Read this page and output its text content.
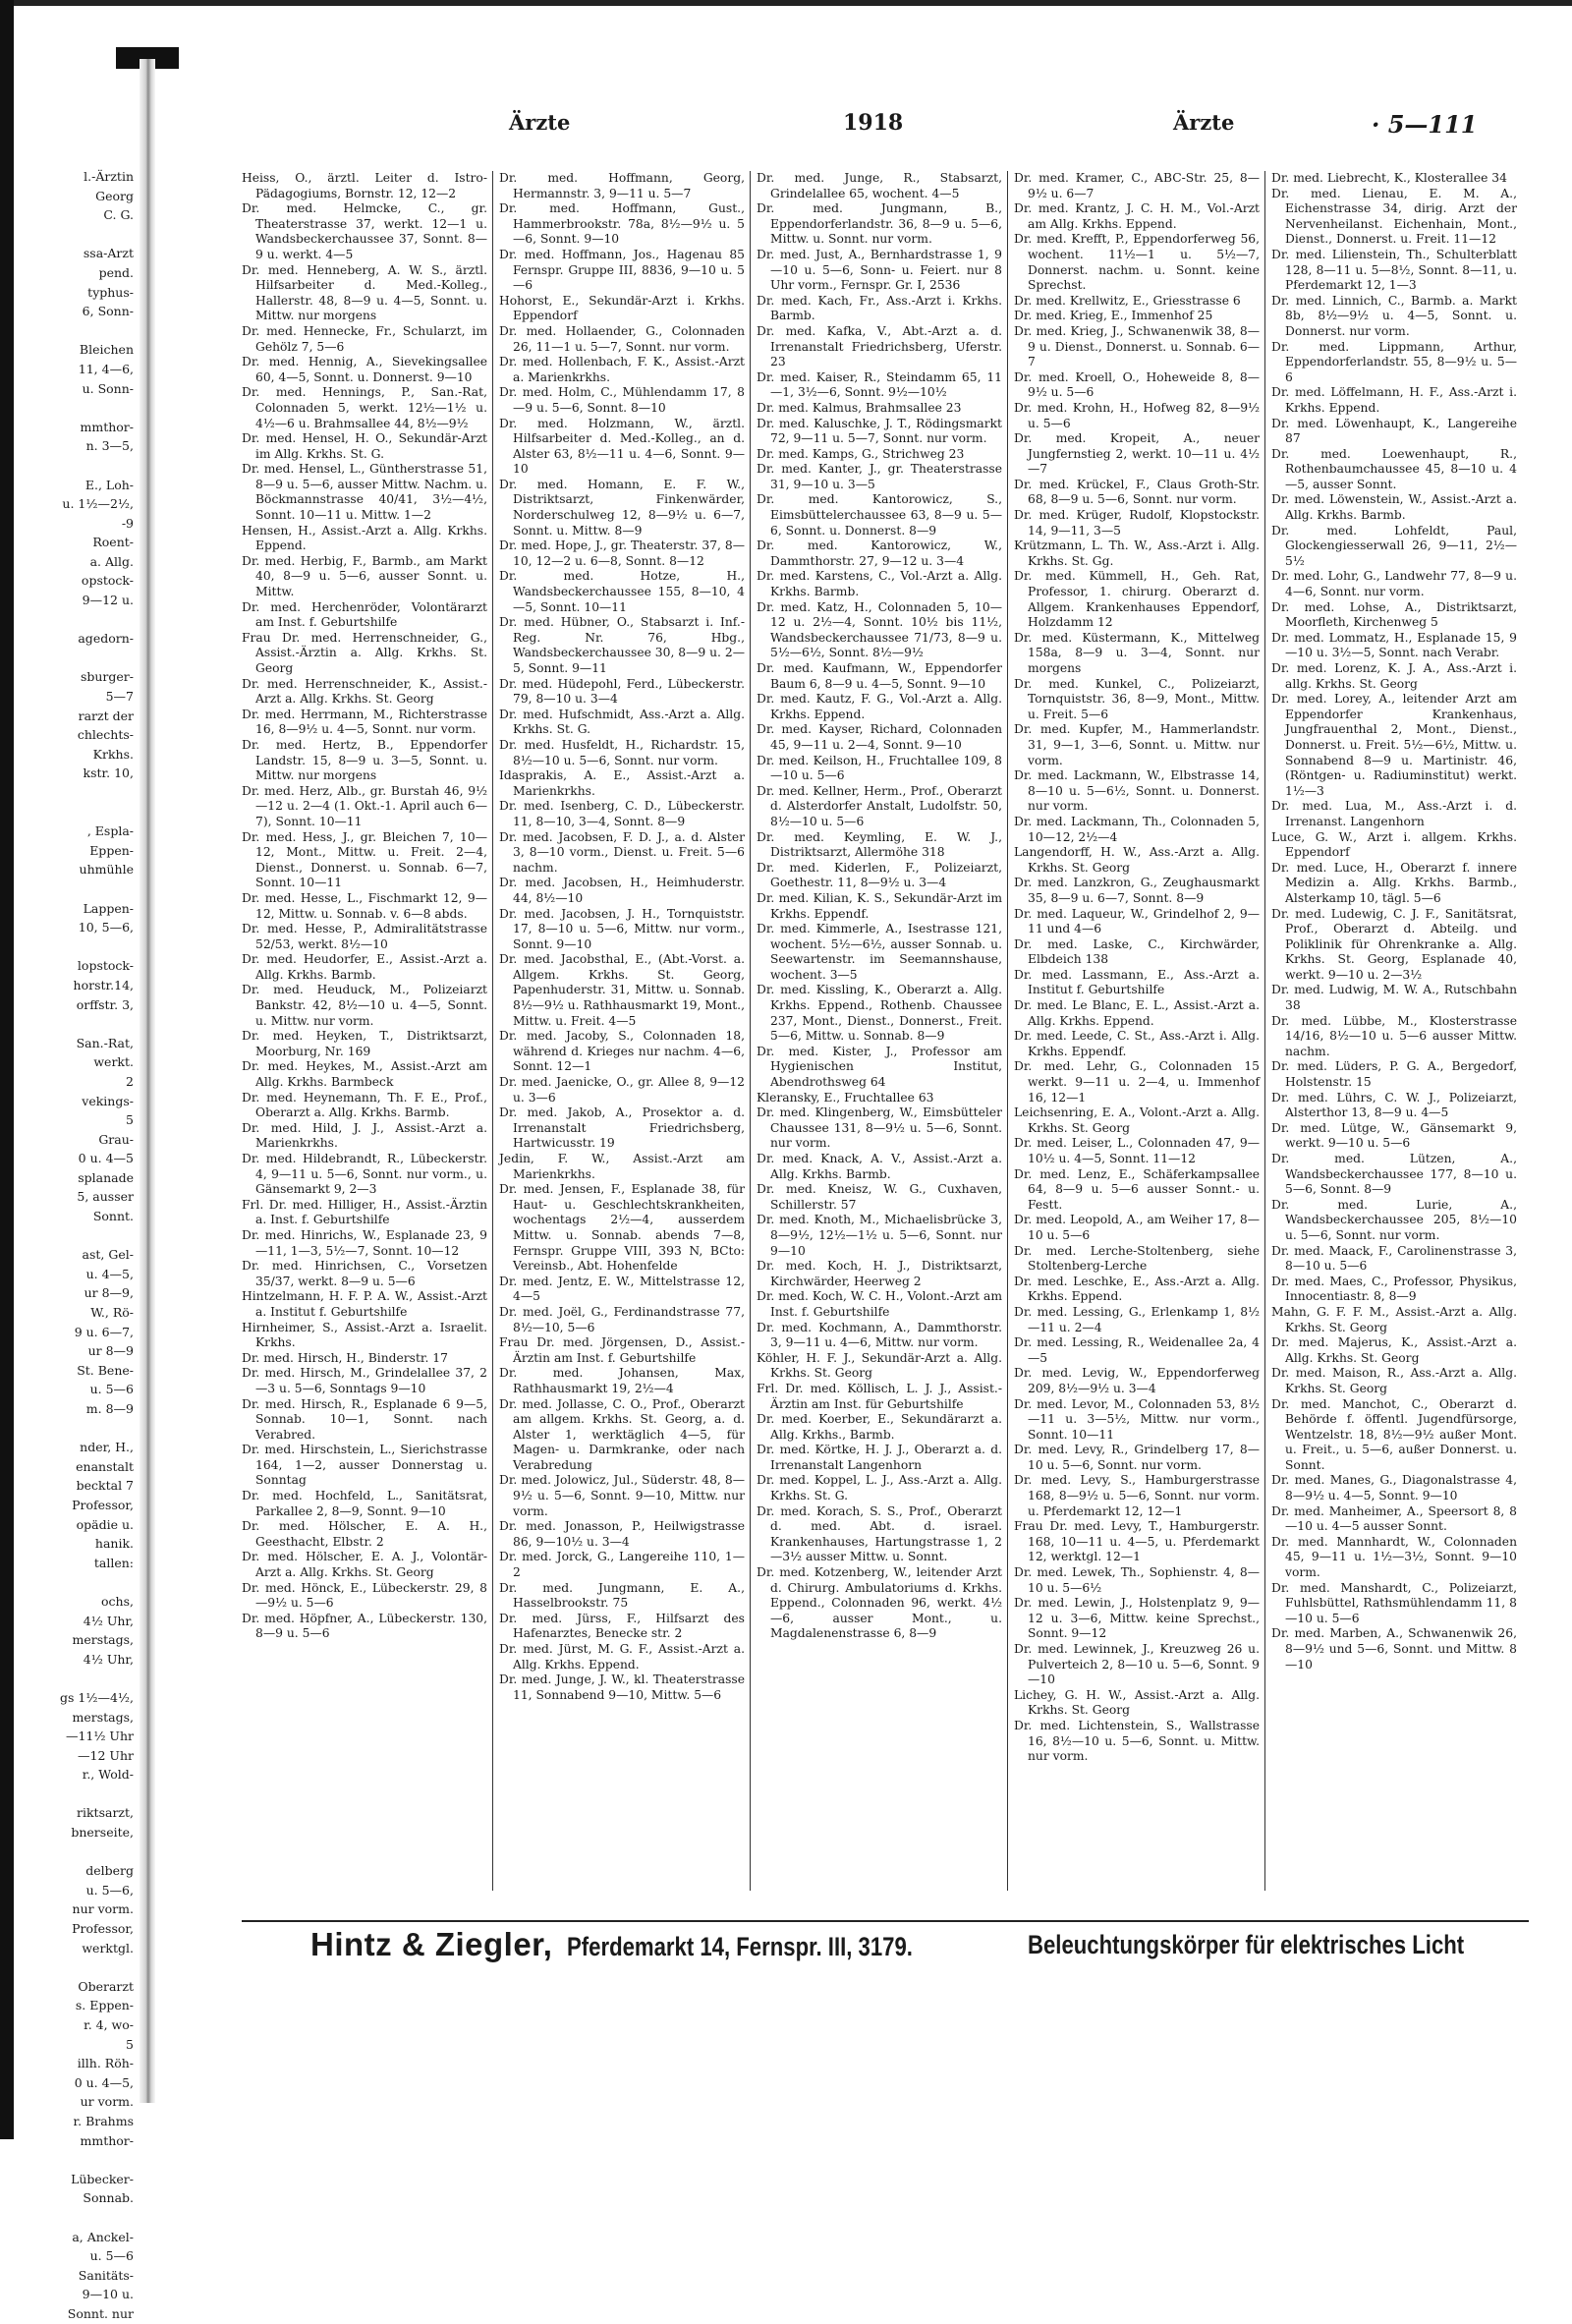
l.-Ärztin
Georg
C. G.

ssa-Arzt
pend.
typhus-
6, Sonn-

Bleichen
11, 4—6,
u. Sonn-

mmthor-
n. 3—5,

E., Loh-
u. 1½—2½,
-9
Roent-
a. Allg.
opstock-
9—12 u.

agedorn-

sburger-
5—7
rarzt der
chlechts-
Krkhs.
kstr. 10,

, Espla-
Eppen-
uhmühle

Lappen-
10, 5—6,

lopstock-
horstr.14,
orffstr. 3,

San.-Rat,
werkt.
2
vekings-
5
Grau-
0 u. 4—5
splanade
5, ausser
Sonnt.

ast, Gel-
u. 4—5,
ur 8—9,
W., Rö-
9 u. 6—7,
ur 8—9
St. Bene-
u. 5—6
m. 8—9

nder, H.,
enanstalt
becktal 7
Professor,
opädie u.
hanik.
tallen:

ochs,
4½ Uhr,
merstags,
4½ Uhr,

gs 1½—4½,
merstags,
—11½ Uhr
—12 Uhr
r., Wold-

riktsarzt,
bnerseite,

delberg
u. 5—6,
nur vorm.
Professor,
werktgl.

Oberarzt
s. Eppen-
r. 4, wo-
5
illh. Röh-
0 u. 4—5,
ur vorm.
r. Brahms
mmthor-

Lübecker-
Sonnab.

a, Anckel-
u. 5—6
Sanitäts-
9—10 u.
Sonnt. nur
Ärzte	1918	Ärzte	· 5—111
Heiss, O., ärztl. Leiter d. Istro-Pädagogiums, Bornstr. 12, 12—2
Dr. med. Helmcke, C., gr. Theaterstrasse 37, werkt. 12—1 u. Wandsbeckerchaussee 37, Sonnt. 8—9 u. werkt. 4—5
Dr. med. Henneberg, A. W. S., ärztl. Hilfsarbeiter d. Med.-Kolleg., Hallerstr. 48, 8—9 u. 4—5, Sonnt. u. Mittw. nur morgens
Dr. med. Hennecke, Fr., Schularzt, im Gehölz 7, 5—6
Dr. med. Hennig, A., Sievekingsallee 60, 4—5, Sonnt. u. Donnerst. 9—10
Dr. med. Hennings, P., San.-Rat, Colonnaden 5, werkt. 12½—1½ u. 4½—6 u. Brahmsallee 44, 8½—9½
Dr. med. Hensel, H. O., Sekundär-Arzt im Allg. Krkhs. St. G.
Dr. med. Hensel, L., Güntherstrasse 51, 8—9 u. 5—6, ausser Mittw. Nachm. u. Böckmannstrasse 40/41, 3½—4½, Sonnt. 10—11 u. Mittw. 1—2
Hensen, H., Assist.-Arzt a. Allg. Krkhs. Eppend.
Dr. med. Herbig, F., Barmb., am Markt 40, 8—9 u. 5—6, ausser Sonnt. u. Mittw.
Dr. med. Herchenröder, Volontärarzt am Inst. f. Geburtshilfe
Frau Dr. med. Herrenschneider, G., Assist.-Ärztin a. Allg. Krkhs. St. Georg
Dr. med. Herrenschneider, K., Assist.-Arzt a. Allg. Krkhs. St. Georg
Dr. med. Herrmann, M., Richterstrasse 16, 8—9½ u. 4—5, Sonnt. nur vorm.
Dr. med. Hertz, B., Eppendorfer Landstr. 15, 8—9 u. 3—5, Sonnt. u. Mittw. nur morgens
Dr. med. Herz, Alb., gr. Burstah 46, 9½—12 u. 2—4 (1. Okt.-1. April auch 6—7), Sonnt. 10—11
Dr. med. Hess, J., gr. Bleichen 7, 10—12, Mont., Mittw. u. Freit. 2—4, Dienst., Donnerst. u. Sonnab. 6—7, Sonnt. 10—11
Dr. med. Hesse, L., Fischmarkt 12, 9—12, Mittw. u. Sonnab. v. 6—8 abds.
Dr. med. Hesse, P., Admiralitätstrasse 52/53, werkt. 8½—10
Dr. med. Heudorfer, E., Assist.-Arzt a. Allg. Krkhs. Barmb.
Dr. med. Heuduck, M., Polizeiarzt Bankstr. 42, 8½—10 u. 4—5, Sonnt. u. Mittw. nur vorm.
Dr. med. Heyken, T., Distriktsarzt, Moorburg, Nr. 169
Dr. med. Heykes, M., Assist.-Arzt am Allg. Krkhs. Barmbeck
Dr. med. Heynemann, Th. F. E., Prof., Oberarzt a. Allg. Krkhs. Barmb.
Dr. med. Hild, J. J., Assist.-Arzt a. Marienkrkhs.
Dr. med. Hildebrandt, R., Lübeckerstr. 4, 9—11 u. 5—6, Sonnt. nur vorm., u. Gänsemarkt 9, 2—3
Frl. Dr. med. Hilliger, H., Assist.-Ärztin a. Inst. f. Geburtshilfe
Dr. med. Hinrichs, W., Esplanade 23, 9—11, 1—3, 5½—7, Sonnt. 10—12
Dr. med. Hinrichsen, C., Vorsetzen 35/37, werkt. 8—9 u. 5—6
Hintzelmann, H. F. P. A. W., Assist.-Arzt a. Institut f. Geburtshilfe
Hirnheimer, S., Assist.-Arzt a. Israelit. Krkhs.
Dr. med. Hirsch, H., Binderstr. 17
Dr. med. Hirsch, M., Grindelallee 37, 2—3 u. 5—6, Sonntags 9—10
Dr. med. Hirsch, R., Esplanade 6 9—5, Sonnab. 10—1, Sonnt. nach Verabred.
Dr. med. Hirschstein, L., Sierichstrasse 164, 1—2, ausser Donnerstag u. Sonntag
Dr. med. Hochfeld, L., Sanitätsrat, Parkallee 2, 8—9, Sonnt. 9—10
Dr. med. Hölscher, E. A. H., Geesthacht, Elbstr. 2
Dr. med. Hölscher, E. A. J., Volontär-Arzt a. Allg. Krkhs. St. Georg
Dr. med. Hönck, E., Lübeckerstr. 29, 8—9½ u. 5—6
Dr. med. Höpfner, A., Lübeckerstr. 130, 8—9 u. 5—6
Dr. med. Hoffmann, Georg, Hermannstr. 3, 9—11 u. 5—7
Dr. med. Hoffmann, Gust., Hammerbrookstr. 78a, 8½—9½ u. 5—6, Sonnt. 9—10
Dr. med. Hoffmann, Jos., Hagenau 85 Fernspr. Gruppe III, 8836, 9—10 u. 5—6
Hohorst, E., Sekundär-Arzt i. Krkhs. Eppendorf
Dr. med. Hollaender, G., Colonnaden 26, 11—1 u. 5—7, Sonnt. nur vorm.
Dr. med. Hollenbach, F. K., Assist.-Arzt a. Marienkrkhs.
Dr. med. Holm, C., Mühlendamm 17, 8—9 u. 5—6, Sonnt. 8—10
Dr. med. Holzmann, W., ärztl. Hilfsarbeiter d. Med.-Kolleg., an d. Alster 63, 8½—11 u. 4—6, Sonnt. 9—10
Dr. med. Homann, E. F. W., Distriktsarzt, Finkenwärder, Norderschulweg 12, 8—9½ u. 6—7, Sonnt. u. Mittw. 8—9
Dr. med. Hope, J., gr. Theaterstr. 37, 8—10, 12—2 u. 6—8, Sonnt. 8—12
Dr. med. Hotze, H., Wandsbeckerchaussee 155, 8—10, 4—5, Sonnt. 10—11
Dr. med. Hübner, O., Stabsarzt i. Inf.-Reg. Nr. 76, Hbg., Wandsbeckerchaussee 30, 8—9 u. 2—5, Sonnt. 9—11
Dr. med. Hüdepohl, Ferd., Lübeckerstr. 79, 8—10 u. 3—4
Dr. med. Hufschmidt, Ass.-Arzt a. Allg. Krkhs. St. G.
Dr. med. Husfeldt, H., Richardstr. 15, 8½—10 u. 5—6, Sonnt. nur vorm.
Idasprakis, A. E., Assist.-Arzt a. Marienkrkhs.
Dr. med. Isenberg, C. D., Lübeckerstr. 11, 8—10, 3—4, Sonnt. 8—9
Dr. med. Jacobsen, F. D. J., a. d. Alster 3, 8—10 vorm., Dienst. u. Freit. 5—6 nachm.
Dr. med. Jacobsen, H., Heimhuderstr. 44, 8½—10
Dr. med. Jacobsen, J. H., Tornquiststr. 17, 8—10 u. 5—6, Mittw. nur vorm., Sonnt. 9—10
Dr. med. Jacobsthal, E., (Abt.-Vorst. a. Allgem. Krkhs. St. Georg, Papenhuderstr. 31, Mittw. u. Sonnab. 8½—9½ u. Rathhausmarkt 19, Mont., Mittw. u. Freit. 4—5
Dr. med. Jacoby, S., Colonnaden 18, während d. Krieges nur nachm. 4—6, Sonnt. 12—1
Dr. med. Jaenicke, O., gr. Allee 8, 9—12 u. 3—6
Dr. med. Jakob, A., Prosektor a. d. Irrenanstalt Friedrichsberg, Hartwicusstr. 19
Jedin, F. W., Assist.-Arzt am Marienkrkhs.
Dr. med. Jensen, F., Esplanade 38, für Haut- u. Geschlechtskrankheiten, wochentags 2½—4, ausserdem Mittw. u. Sonnab. abends 7—8, Fernspr. Gruppe VIII, 393 N, BCto: Vereinsb., Abt. Hohenfelde
Dr. med. Jentz, E. W., Mittelstrasse 12, 4—5
Dr. med. Joël, G., Ferdinandstrasse 77, 8½—10, 5—6
Frau Dr. med. Jörgensen, D., Assist.-Ärztin am Inst. f. Geburtshilfe
Dr. med. Johansen, Max, Rathhausmarkt 19, 2½—4
Dr. med. Jollasse, C. O., Prof., Oberarzt am allgem. Krkhs. St. Georg, a. d. Alster 1, werktäglich 4—5, für Magen- u. Darmkranke, oder nach Verabredung
Dr. med. Jolowicz, Jul., Süderstr. 48, 8—9½ u. 5—6, Sonnt. 9—10, Mittw. nur vorm.
Dr. med. Jonasson, P., Heilwigstrasse 86, 9—10½ u. 3—4
Dr. med. Jorck, G., Langereihe 110, 1—2
Dr. med. Jungmann, E. A., Hasselbrookstr. 75
Dr. med. Jürss, F., Hilfsarzt des Hafenarztes, Benecke str. 2
Dr. med. Jürst, M. G. F., Assist.-Arzt a. Allg. Krkhs. Eppend.
Dr. med. Junge, J. W., kl. Theaterstrasse 11, Sonnabend 9—10, Mittw. 5—6
Dr. med. Junge, R., Stabsarzt, Grindelallee 65, wochent. 4—5
Dr. med. Jungmann, B., Eppendorferlandstr. 36, 8—9 u. 5—6, Mittw. u. Sonnt. nur vorm.
Dr. med. Just, A., Bernhardstrasse 1, 9—10 u. 5—6, Sonn- u. Feiert. nur 8 Uhr vorm., Fernspr. Gr. I, 2536
Dr. med. Kach, Fr., Ass.-Arzt i. Krkhs. Barmb.
Dr. med. Kafka, V., Abt.-Arzt a. d. Irrenanstalt Friedrichsberg, Uferstr. 23
Dr. med. Kaiser, R., Steindamm 65, 11—1, 3½—6, Sonnt. 9½—10½
Dr. med. Kalmus, Brahmsallee 23
Dr. med. Kaluschke, J. T., Rödingsmarkt 72, 9—11 u. 5—7, Sonnt. nur vorm.
Dr. med. Kamps, G., Strichweg 23
Dr. med. Kanter, J., gr. Theaterstrasse 31, 9—10 u. 3—5
Dr. med. Kantorowicz, S., Eimsbüttelerchaussee 63, 8—9 u. 5—6, Sonnt. u. Donnerst. 8—9
Dr. med. Kantorowicz, W., Dammthorstr. 27, 9—12 u. 3—4
Dr. med. Karstens, C., Vol.-Arzt a. Allg. Krkhs. Barmb.
Dr. med. Katz, H., Colonnaden 5, 10—12 u. 2½—4, Sonnt. 10½ bis 11½, Wandsbeckerchaussee 71/73, 8—9 u. 5½—6½, Sonnt. 8½—9½
Dr. med. Kaufmann, W., Eppendorfer Baum 6, 8—9 u. 4—5, Sonnt. 9—10
Dr. med. Kautz, F. G., Vol.-Arzt a. Allg. Krkhs. Eppend.
Dr. med. Kayser, Richard, Colonnaden 45, 9—11 u. 2—4, Sonnt. 9—10
Dr. med. Keilson, H., Fruchtallee 109, 8—10 u. 5—6
Dr. med. Kellner, Herm., Prof., Oberarzt d. Alsterdorfer Anstalt, Ludolfstr. 50, 8½—10 u. 5—6
Dr. med. Keymling, E. W. J., Distriktsarzt, Allermöhe 318
Dr. med. Kiderlen, F., Polizeiarzt, Goethestr. 11, 8—9½ u. 3—4
Dr. med. Kilian, K. S., Sekundär-Arzt im Krkhs. Eppendf.
Dr. med. Kimmerle, A., Isestrasse 121, wochent. 5½—6½, ausser Sonnab. u. Seewartenstr. im Seemannshause, wochent. 3—5
Dr. med. Kissling, K., Oberarzt a. Allg. Krkhs. Eppend., Rothenb. Chaussee 237, Mont., Dienst., Donnerst., Freit. 5—6, Mittw. u. Sonnab. 8—9
Dr. med. Kister, J., Professor am Hygienischen Institut, Abendrothsweg 64
Kleransky, E., Fruchtallee 63
Dr. med. Klingenberg, W., Eimsbütteler Chaussee 131, 8—9½ u. 5—6, Sonnt. nur vorm.
Dr. med. Knack, A. V., Assist.-Arzt a. Allg. Krkhs. Barmb.
Dr. med. Kneisz, W. G., Cuxhaven, Schillerstr. 57
Dr. med. Knoth, M., Michaelisbrücke 3, 8—9½, 12½—1½ u. 5—6, Sonnt. nur 9—10
Dr. med. Koch, H. J., Distriktsarzt, Kirchwärder, Heerweg 2
Dr. med. Koch, W. C. H., Volont.-Arzt am Inst. f. Geburtshilfe
Dr. med. Kochmann, A., Dammthorstr. 3, 9—11 u. 4—6, Mittw. nur vorm.
Köhler, H. F. J., Sekundär-Arzt a. Allg. Krkhs. St. Georg
Frl. Dr. med. Köllisch, L. J. J., Assist.-Ärztin am Inst. für Geburtshilfe
Dr. med. Koerber, E., Sekundärarzt a. Allg. Krkhs., Barmb.
Dr. med. Körtke, H. J. J., Oberarzt a. d. Irrenanstalt Langenhorn
Dr. med. Koppel, L. J., Ass.-Arzt a. Allg. Krkhs. St. G.
Dr. med. Korach, S. S., Prof., Oberarzt d. med. Abt. d. israel. Krankenhauses, Hartungstrasse 1, 2—3½ ausser Mittw. u. Sonnt.
Dr. med. Kotzenberg, W., leitender Arzt d. Chirurg. Ambulatoriums d. Krkhs. Eppend., Colonnaden 96, werkt. 4½—6, ausser Mont., u. Magdalenenstrasse 6, 8—9
Dr. med. Kramer, C., ABC-Str. 25, 8—9½ u. 6—7
Dr. med. Krantz, J. C. H. M., Vol.-Arzt am Allg. Krkhs. Eppend.
Dr. med. Krefft, P., Eppendorferweg 56, wochent. 11½—1 u. 5½—7, Donnerst. nachm. u. Sonnt. keine Sprechst.
Dr. med. Krellwitz, E., Griesstrasse 6
Dr. med. Krieg, E., Immenhof 25
Dr. med. Krieg, J., Schwanenwik 38, 8—9 u. Dienst., Donnerst. u. Sonnab. 6—7
Dr. med. Kroell, O., Hoheweide 8, 8—9½ u. 5—6
Dr. med. Krohn, H., Hofweg 82, 8—9½ u. 5—6
Dr. med. Kropeit, A., neuer Jungfernstieg 2, werkt. 10—11 u. 4½—7
Dr. med. Krückel, F., Claus Groth-Str. 68, 8—9 u. 5—6, Sonnt. nur vorm.
Dr. med. Krüger, Rudolf, Klopstockstr. 14, 9—11, 3—5
Krützmann, L. Th. W., Ass.-Arzt i. Allg. Krkhs. St. Gg.
Dr. med. Kümmell, H., Geh. Rat, Professor, 1. chirurg. Oberarzt d. Allgem. Krankenhauses Eppendorf, Holzdamm 12
Dr. med. Küstermann, K., Mittelweg 158a, 8—9 u. 3—4, Sonnt. nur morgens
Dr. med. Kunkel, C., Polizeiarzt, Tornquiststr. 36, 8—9, Mont., Mittw. u. Freit. 5—6
Dr. med. Kupfer, M., Hammerlandstr. 31, 9—1, 3—6, Sonnt. u. Mittw. nur vorm.
Dr. med. Lackmann, W., Elbstrasse 14, 8—10 u. 5—6½, Sonnt. u. Donnerst. nur vorm.
Dr. med. Lackmann, Th., Colonnaden 5, 10—12, 2½—4
Langendorff, H. W., Ass.-Arzt a. Allg. Krkhs. St. Georg
Dr. med. Lanzkron, G., Zeughausmarkt 35, 8—9 u. 6—7, Sonnt. 8—9
Dr. med. Laqueur, W., Grindelhof 2, 9—11 und 4—6
Dr. med. Laske, C., Kirchwärder, Elbdeich 138
Dr. med. Lassmann, E., Ass.-Arzt a. Institut f. Geburtshilfe
Dr. med. Le Blanc, E. L., Assist.-Arzt a. Allg. Krkhs. Eppend.
Dr. med. Leede, C. St., Ass.-Arzt i. Allg. Krkhs. Eppendf.
Dr. med. Lehr, G., Colonnaden 15 werkt. 9—11 u. 2—4, u. Immenhof 16, 12—1
Leichsenring, E. A., Volont.-Arzt a. Allg. Krkhs. St. Georg
Dr. med. Leiser, L., Colonnaden 47, 9—10½ u. 4—5, Sonnt. 11—12
Dr. med. Lenz, E., Schäferkampsallee 64, 8—9 u. 5—6 ausser Sonnt.- u. Festt.
Dr. med. Leopold, A., am Weiher 17, 8—10 u. 5—6
Dr. med. Lerche-Stoltenberg, siehe Stoltenberg-Lerche
Dr. med. Leschke, E., Ass.-Arzt a. Allg. Krkhs. Eppend.
Dr. med. Lessing, G., Erlenkamp 1, 8½—11 u. 2—4
Dr. med. Lessing, R., Weidenallee 2a, 4—5
Dr. med. Levig, W., Eppendorferweg 209, 8½—9½ u. 3—4
Dr. med. Levor, M., Colonnaden 53, 8½—11 u. 3—5½, Mittw. nur vorm., Sonnt. 10—11
Dr. med. Levy, R., Grindelberg 17, 8—10 u. 5—6, Sonnt. nur vorm.
Dr. med. Levy, S., Hamburgerstrasse 168, 8—9½ u. 5—6, Sonnt. nur vorm. u. Pferdemarkt 12, 12—1
Frau Dr. med. Levy, T., Hamburgerstr. 168, 10—11 u. 4—5, u. Pferdemarkt 12, werktgl. 12—1
Dr. med. Lewek, Th., Sophienstr. 4, 8—10 u. 5—6½
Dr. med. Lewin, J., Holstenplatz 9, 9—12 u. 3—6, Mittw. keine Sprechst., Sonnt. 9—12
Dr. med. Lewinnek, J., Kreuzweg 26 u. Pulverteich 2, 8—10 u. 5—6, Sonnt. 9—10
Lichey, G. H. W., Assist.-Arzt a. Allg. Krkhs. St. Georg
Dr. med. Lichtenstein, S., Wallstrasse 16, 8½—10 u. 5—6, Sonnt. u. Mittw. nur vorm.
Dr. med. Liebrecht, K., Klosterallee 34
Dr. med. Lienau, E. M. A., Eichenstrasse 34, dirig. Arzt der Nervenheilanst. Eichenhain, Mont., Dienst., Donnerst. u. Freit. 11—12
Dr. med. Lilienstein, Th., Schulterblatt 128, 8—11 u. 5—8½, Sonnt. 8—11, u. Pferdemarkt 12, 1—3
Dr. med. Linnich, C., Barmb. a. Markt 8b, 8½—9½ u. 4—5, Sonnt. u. Donnerst. nur vorm.
Dr. med. Lippmann, Arthur, Eppendorferlandstr. 55, 8—9½ u. 5—6
Dr. med. Löffelmann, H. F., Ass.-Arzt i. Krkhs. Eppend.
Dr. med. Löwenhaupt, K., Langereihe 87
Dr. med. Loewenhaupt, R., Rothenbaumchaussee 45, 8—10 u. 4—5, ausser Sonnt.
Dr. med. Löwenstein, W., Assist.-Arzt a. Allg. Krkhs. Barmb.
Dr. med. Lohfeldt, Paul, Glockengiesserwall 26, 9—11, 2½—5½
Dr. med. Lohr, G., Landwehr 77, 8—9 u. 4—6, Sonnt. nur vorm.
Dr. med. Lohse, A., Distriktsarzt, Moorfleth, Kirchenweg 5
Dr. med. Lommatz, H., Esplanade 15, 9—10 u. 3½—5, Sonnt. nach Verabr.
Dr. med. Lorenz, K. J. A., Ass.-Arzt i. allg. Krkhs. St. Georg
Dr. med. Lorey, A., leitender Arzt am Eppendorfer Krankenhaus, Jungfrauenthal 2, Mont., Dienst., Donnerst. u. Freit. 5½—6½, Mittw. u. Sonnabend 8—9 u. Martinistr. 46, (Röntgen- u. Radiuminstitut) werkt. 1½—3
Dr. med. Lua, M., Ass.-Arzt i. d. Irrenanst. Langenhorn
Luce, G. W., Arzt i. allgem. Krkhs. Eppendorf
Dr. med. Luce, H., Oberarzt f. innere Medizin a. Allg. Krkhs. Barmb., Alsterkamp 10, tägl. 5—6
Dr. med. Ludewig, C. J. F., Sanitätsrat, Prof., Oberarzt d. Abteilg. und Poliklinik für Ohrenkranke a. Allg. Krkhs. St. Georg, Esplanade 40, werkt. 9—10 u. 2—3½
Dr. med. Ludwig, M. W. A., Rutschbahn 38
Dr. med. Lübbe, M., Klosterstrasse 14/16, 8½—10 u. 5—6 ausser Mittw. nachm.
Dr. med. Lüders, P. G. A., Bergedorf, Holstenstr. 15
Dr. med. Lührs, C. W. J., Polizeiarzt, Alsterthor 13, 8—9 u. 4—5
Dr. med. Lütge, W., Gänsemarkt 9, werkt. 9—10 u. 5—6
Dr. med. Lützen, A., Wandsbeckerchaussee 177, 8—10 u. 5—6, Sonnt. 8—9
Dr. med. Lurie, A., Wandsbeckerchaussee 205, 8½—10 u. 5—6, Sonnt. nur vorm.
Dr. med. Maack, F., Carolinenstrasse 3, 8—10 u. 5—6
Dr. med. Maes, C., Professor, Physikus, Innocentiastr. 8, 8—9
Mahn, G. F. F. M., Assist.-Arzt a. Allg. Krkhs. St. Georg
Dr. med. Majerus, K., Assist.-Arzt a. Allg. Krkhs. St. Georg
Dr. med. Maison, R., Ass.-Arzt a. Allg. Krkhs. St. Georg
Dr. med. Manchot, C., Oberarzt d. Behörde f. öffentl. Jugendfürsorge, Wentzelstr. 18, 8½—9½ außer Mont. u. Freit., u. 5—6, außer Donnerst. u. Sonnt.
Dr. med. Manes, G., Diagonalstrasse 4, 8—9½ u. 4—5, Sonnt. 9—10
Dr. med. Manheimer, A., Speersort 8, 8—10 u. 4—5 ausser Sonnt.
Dr. med. Mannhardt, W., Colonnaden 45, 9—11 u. 1½—3½, Sonnt. 9—10 vorm.
Dr. med. Manshardt, C., Polizeiarzt, Fuhlsbüttel, Rathsmühlendamm 11, 8—10 u. 5—6
Dr. med. Marben, A., Schwanenwik 26, 8—9½ und 5—6, Sonnt. und Mittw. 8—10
Hintz & Ziegler, Pferdemarkt 14, Fernspr. III, 3179.	Beleuchtungskörper für elektrisches Licht
